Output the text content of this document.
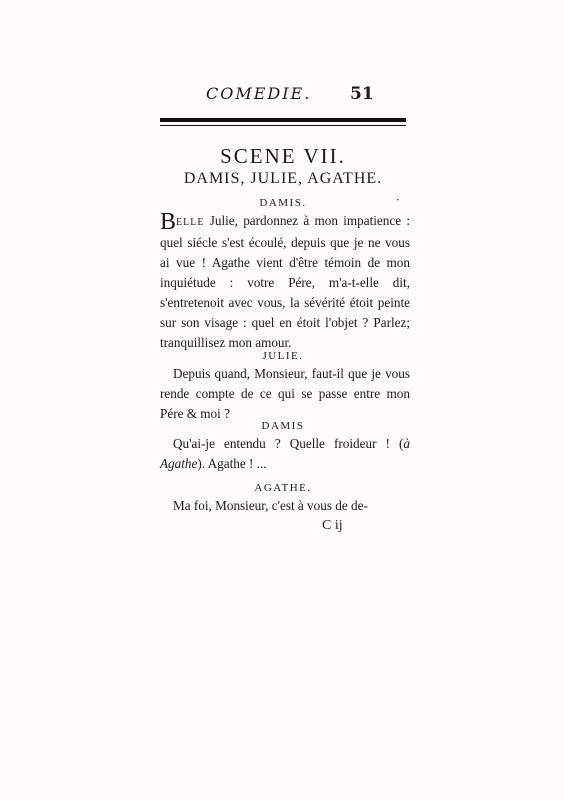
COMEDIE. 51
SCENE VII.
DAMIS, JULIE, AGATHE.
DAMIS.
BELLE Julie, pardonnez à mon impatience : quel siécle s'est écoulé, depuis que je ne vous ai vue ! Agathe vient d'être témoin de mon inquiétude : votre Pére, m'a-t-elle dit, s'entretenoit avec vous, la sévérité étoit peinte sur son visage : quel en étoit l'objet ? Parlez; tranquillisez mon amour.
JULIE.
Depuis quand, Monsieur, faut-il que je vous rende compte de ce qui se passe entre mon Pére & moi ?
DAMIS
Qu'ai-je entendu ? Quelle froideur ! (à Agathe). Agathe ! ...
AGATHE.
Ma foi, Monsieur, c'est à vous de de-
C ij
·
